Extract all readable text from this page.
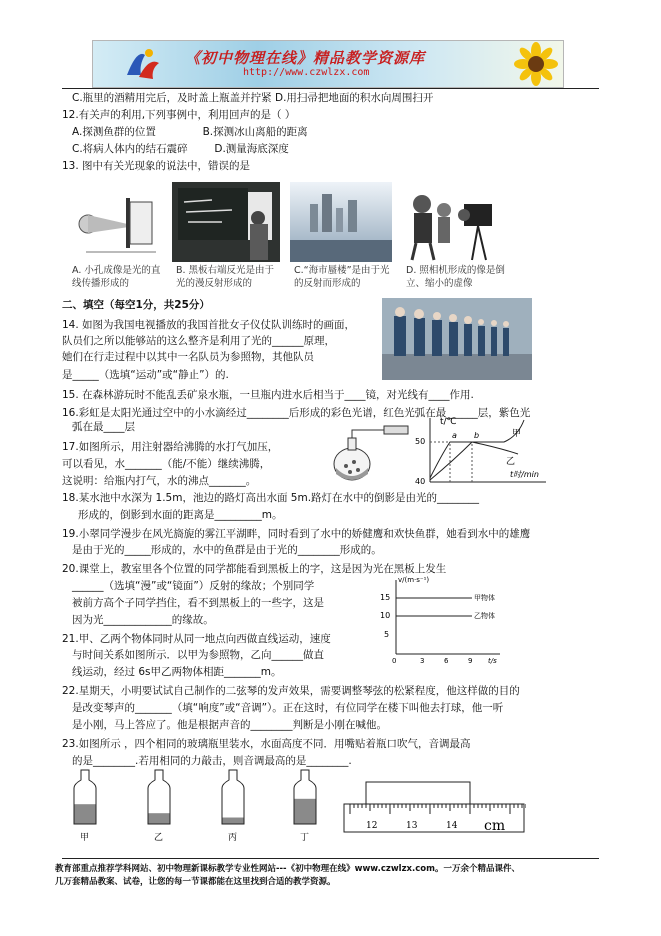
《初中物理在线》精品教学资源库
http://www.czwlzx.com
C.瓶里的酒精用完后，及时盖上瓶盖并拧紧 D.用扫帚把地面的积水向周围扫开
12.有关声的利用,下列事例中，利用回声的是（ ）
A.探测鱼群的位置              B.探测冰山离船的距离
C.将病人体内的结石震碎        D.测量海底深度
13. 图中有关光现象的说法中，错误的是
A. 小孔成像是光的直线传播形成的
B. 黑板右端反光是由于光的漫反射形成的
C.“海市蜃楼”是由于光的反射而形成的
D. 照相机形成的像是倒立、缩小的虚像
二、填空（每空1分，共25分）
14. 如图为我国电视播放的我国首批女子仪仗队训练时的画面，
队员们之所以能够站的这么整齐是利用了光的______原理，
她们在行走过程中以其中一名队员为参照物，其他队员
是_____（选填“运动”或“静止”）的.
15. 在森林游玩时不能乱丢矿泉水瓶，一旦瓶内进水后相当于____镜，对光线有____作用.
16.彩虹是太阳光通过空中的小水滴经过________后形成的彩色光谱，红色光弧在最______层，紫色光
弧在最____层
17.如图所示，用注射器给沸腾的水打气加压，
可以看见，水_______（能/不能）继续沸腾，
这说明：给瓶内打气，水的沸点_______。
t/℃
50
40
a b	甲
乙
t时/min
18.某水池中水深为 1.5m，池边的路灯高出水面 5m.路灯在水中的倒影是由光的________
形成的，倒影到水面的距离是_________m。
19.小翠同学漫步在风光旖旎的雾江平湖畔，同时看到了水中的娇健鹰和欢快鱼群，她看到水中的雄鹰
是由于光的_____形成的，水中的鱼群是由于光的________形成的。
20.课堂上，教室里各个位置的同学都能看到黑板上的字，这是因为光在黑板上发生
______（选填“漫”或“镜面”）反射的缘故；个别同学
被前方高个子同学挡住，看不到黑板上的一些字，这是
因为光_____________的缘故。
21.甲、乙两个物体同时从同一地点向西做直线运动，速度
与时间关系如图所示．以甲为参照物，乙向______做直
线运动，经过 6s甲乙两物体相距_______m。
v/(m·s⁻¹)
15
10
5
甲物体
乙物体
0	3	6	9 t/s
22.星期天，小明要试试自己制作的二弦琴的发声效果，需要调整琴弦的松紧程度，他这样做的目的
是改变琴声的_______（填“响度”或“音调”）。正在这时，有位同学在楼下叫他去打球，他一听
是小刚，马上答应了。他是根据声音的________判断是小刚在喊他。
23.如图所示 ，四个相同的玻璃瓶里装水，水面高度不同．用嘴贴着瓶口吹气，音调最高
的是________.若用相同的力敲击，则音调最高的是________.
甲	乙	丙	丁
12	13	14 cm
教育部重点推荐学科网站、初中物理新课标教学专业性网站---《初中物理在线》www.czwlzx.com。一万余个精品课件、
几万套精品教案、试卷，让您的每一节课都能在这里找到合适的教学资源。
